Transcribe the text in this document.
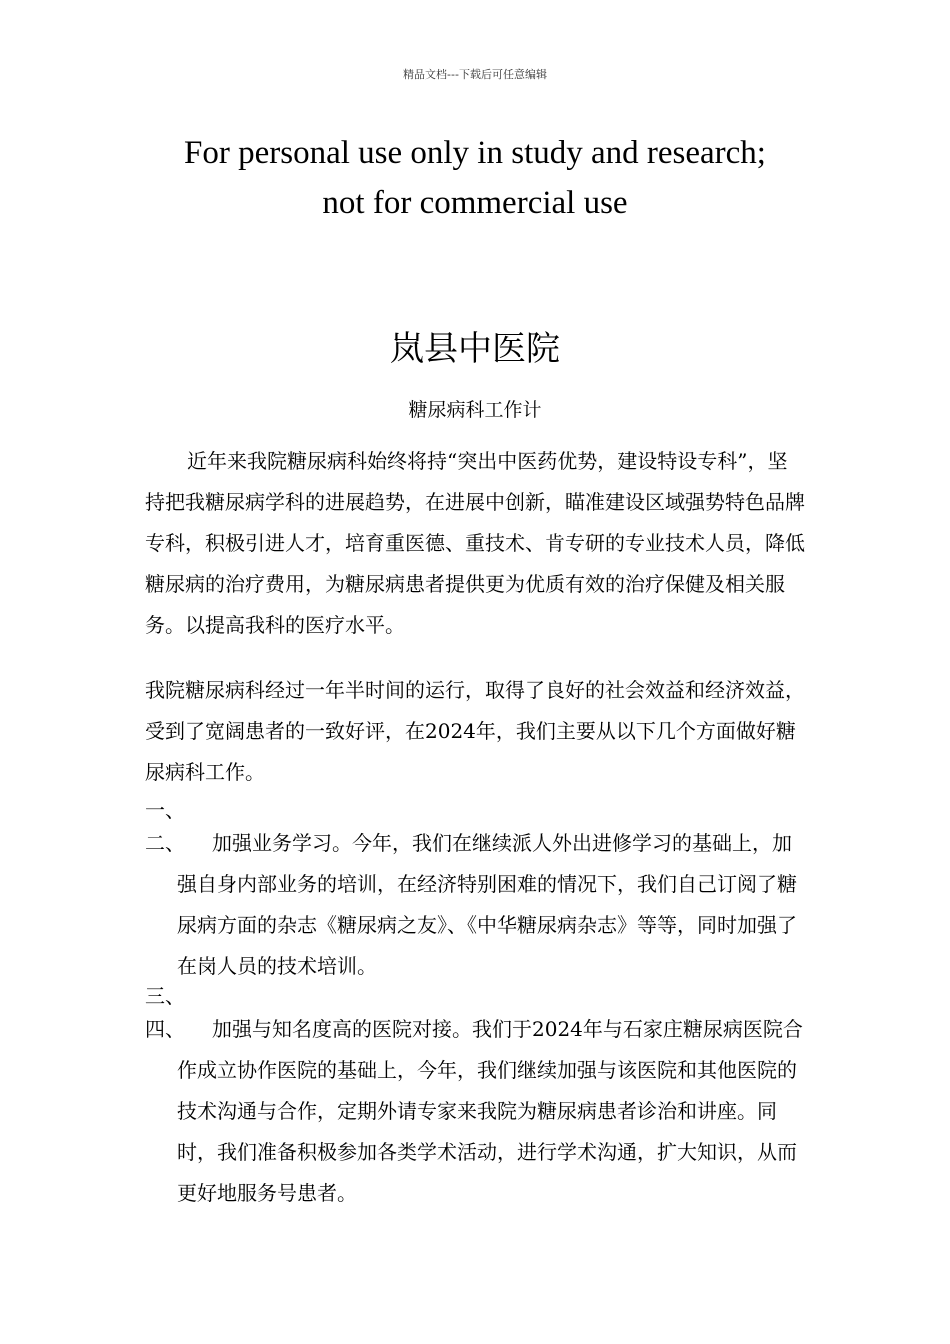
精品文档---下载后可任意编辑
For personal use only in study and research;
not for commercial use
岚县中医院
糖尿病科工作计
近年来我院糖尿病科始终将持“突出中医药优势，建设特设专科”，坚持把我糖尿病学科的进展趋势，在进展中创新，瞄准建设区域强势特色品牌专科，积极引进人才，培育重医德、重技术、肯专研的专业技术人员，降低糖尿病的治疗费用，为糖尿病患者提供更为优质有效的治疗保健及相关服务。以提高我科的医疗水平。
我院糖尿病科经过一年半时间的运行，取得了良好的社会效益和经济效益，受到了宽阔患者的一致好评，在2024年，我们主要从以下几个方面做好糖尿病科工作。
一、
二、	加强业务学习。今年，我们在继续派人外出进修学习的基础上，加强自身内部业务的培训，在经济特别困难的情况下，我们自己订阅了糖尿病方面的杂志《糖尿病之友》、《中华糖尿病杂志》等等，同时加强了在岗人员的技术培训。
三、
四、	加强与知名度高的医院对接。我们于2024年与石家庄糖尿病医院合作成立协作医院的基础上，今年，我们继续加强与该医院和其他医院的技术沟通与合作，定期外请专家来我院为糖尿病患者诊治和讲座。同时，我们准备积极参加各类学术活动，进行学术沟通，扩大知识，从而更好地服务号患者。
